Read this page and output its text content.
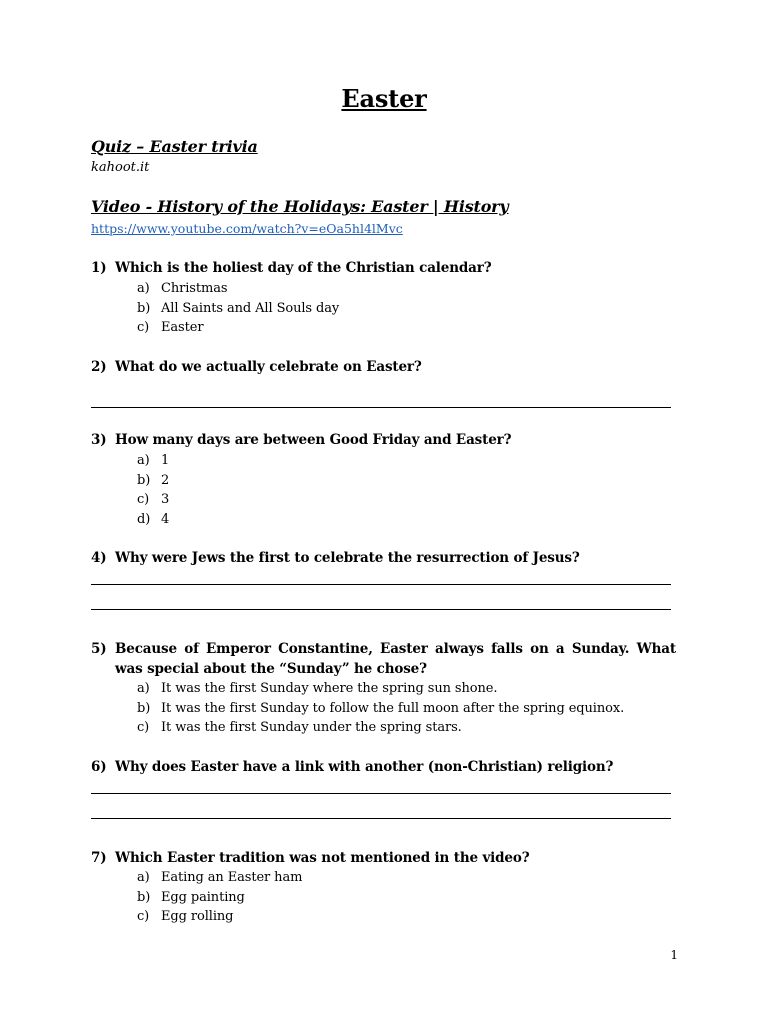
Easter
Quiz – Easter trivia
kahoot.it
Video - History of the Holidays: Easter | History
https://www.youtube.com/watch?v=eOa5hl4lMvc
1) Which is the holiest day of the Christian calendar?
a) Christmas
b) All Saints and All Souls day
c) Easter
2) What do we actually celebrate on Easter?
3) How many days are between Good Friday and Easter?
a) 1
b) 2
c) 3
d) 4
4) Why were Jews the first to celebrate the resurrection of Jesus?
5) Because of Emperor Constantine, Easter always falls on a Sunday. What was special about the “Sunday” he chose?
a) It was the first Sunday where the spring sun shone.
b) It was the first Sunday to follow the full moon after the spring equinox.
c) It was the first Sunday under the spring stars.
6) Why does Easter have a link with another (non-Christian) religion?
7) Which Easter tradition was not mentioned in the video?
a) Eating an Easter ham
b) Egg painting
c) Egg rolling
1
